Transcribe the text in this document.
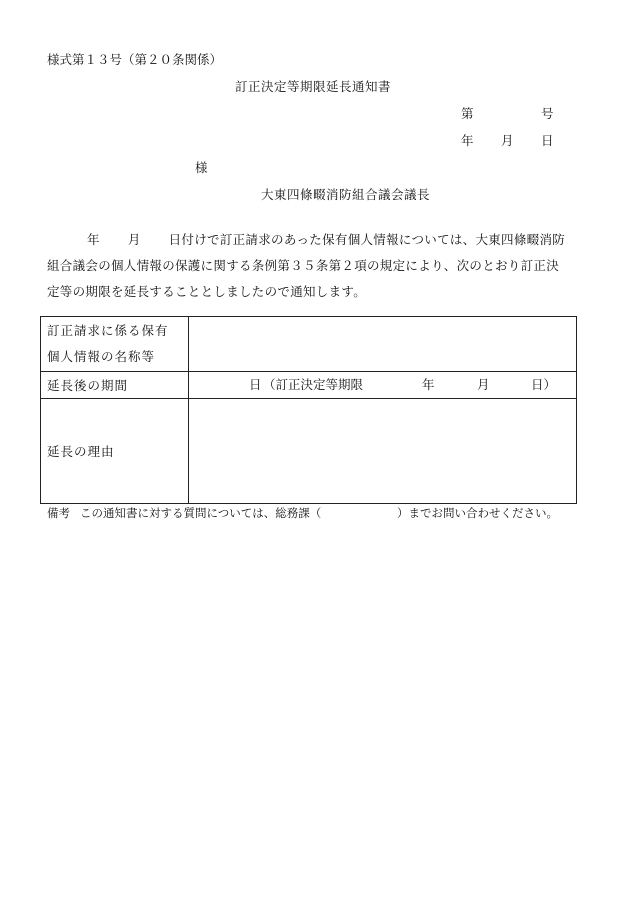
様式第１３号（第２０条関係）
訂正決定等期限延長通知書
第	号
年 月 日
様
大東四條畷消防組合議会議長
年 月 日付けで訂正請求のあった保有個人情報については、大東四條畷消防
組合議会の個人情報の保護に関する条例第３５条第２項の規定により、次のとおり訂正決
定等の期限を延長することとしましたので通知します。
訂正請求に係る保有
個人情報の名称等	

延長後の期間	日 （訂正決定等期限 年 月 日）

延長の理由	
備考 この通知書に対する質問については、総務課（	）までお問い合わせください。
